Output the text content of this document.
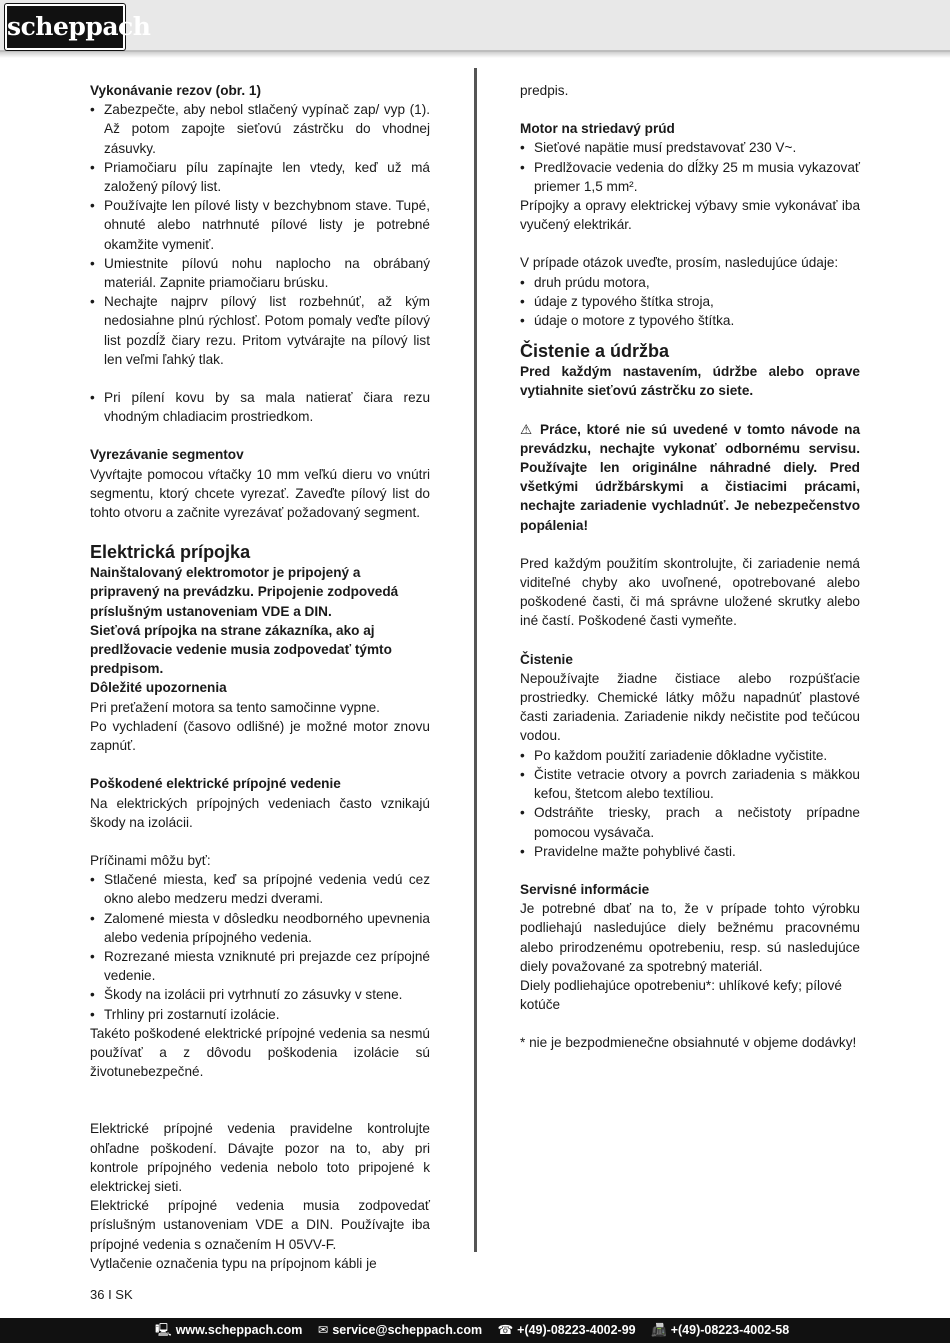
scheppach

Vykonávanie rezov (obr. 1)

• Zabezpečte, aby nebol stlačený vypínač zap/ vyp (1). Až potom zapojte sieťovú zástrčku do vhodnej zásuvky.
• Priamočiaru pílu zapínajte len vtedy, keď už má založený pílový list.
• Používajte len pílové listy v bezchybnom stave. Tupé, ohnuté alebo natrhnuté pílové listy je potrebné okamžite vymeniť.
• Umiestnite pílovú nohu naplocho na obrábaný materiál. Zapnite priamočiaru brúsku.
• Nechajte najprv pílový list rozbehnúť, až kým nedosiahne plnú rýchlosť. Potom pomaly veďte pílový list pozdĺž čiary rezu. Pritom vytvárajte na pílový list len veľmi ľahký tlak.
• Pri pílení kovu by sa mala natierať čiara rezu vhodným chladiacim prostriedkom.

Vyrezávanie segmentov

Vyvŕtajte pomocou vŕtačky 10 mm veľkú dieru vo vnútri segmentu, ktorý chcete vyrezať. Zaveďte pílový list do tohto otvoru a začnite vyrezávať požadovaný segment.

Elektrická prípojka

Nainštalovaný elektromotor je pripojený a pripravený na prevádzku. Pripojenie zodpovedá príslušným ustanoveniam VDE a DIN.

Sieťová prípojka na strane zákazníka, ako aj predlžovacie vedenie musia zodpovedať týmto predpisom.

Dôležité upozornenia

Pri preťažení motora sa tento samočinne vypne.

Po vychladení (časovo odlišné) je možné motor znovu zapnúť.

Poškodené elektrické prípojné vedenie

Na elektrických prípojných vedeniach často vznikajú škody na izolácii.

Príčinami môžu byť:

• Stlačené miesta, keď sa prípojné vedenia vedú cez okno alebo medzeru medzi dverami.
• Zalomené miesta v dôsledku neodborného upevnenia alebo vedenia prípojného vedenia.
• Rozrezané miesta vzniknuté pri prejazde cez prípojné vedenie.
• Škody na izolácii pri vytrhnutí zo zásuvky v stene.
• Trhliny pri zostarnutí izolácie.

Takéto poškodené elektrické prípojné vedenia sa nesmú používať a z dôvodu poškodenia izolácie sú životunebezpečné.

Elektrické prípojné vedenia pravidelne kontrolujte ohľadne poškodení. Dávajte pozor na to, aby pri kontrole prípojného vedenia nebolo toto pripojené k elektrickej sieti.

Elektrické prípojné vedenia musia zodpovedať príslušným ustanoveniam VDE a DIN. Používajte iba prípojné vedenia s označením H 05VV-F.

Vytlačenie označenia typu na prípojnom kábli je

predpis.

Motor na striedavý prúd

• Sieťové napätie musí predstavovať 230 V~.
• Predlžovacie vedenia do dĺžky 25 m musia vykazovať priemer 1,5 mm².

Prípojky a opravy elektrickej výbavy smie vykonávať iba vyučený elektrikár.

V prípade otázok uveďte, prosím, nasledujúce údaje:

• druh prúdu motora,
• údaje z typového štítka stroja,
• údaje o motore z typového štítka.

Čistenie a údržba

Pred každým nastavením, údržbe alebo oprave vytiahnite sieťovú zástrčku zo siete.

⚠ Práce, ktoré nie sú uvedené v tomto návode na prevádzku, nechajte vykonať odbornému servisu. Používajte len originálne náhradné diely. Pred všetkými údržbárskymi a čistiacimi prácami, nechajte zariadenie vychladnúť. Je nebezpečenstvo popálenia!

Pred každým použitím skontrolujte, či zariadenie nemá viditeľné chyby ako uvoľnené, opotrebované alebo poškodené časti, či má správne uložené skrutky alebo iné častí. Poškodené časti vymeňte.

Čistenie

Nepoužívajte žiadne čistiace alebo rozpúšťacie prostriedky. Chemické látky môžu napadnúť plastové časti zariadenia. Zariadenie nikdy nečistite pod tečúcou vodou.

• Po každom použití zariadenie dôkladne vyčistite.
• Čistite vetracie otvory a povrch zariadenia s mäkkou kefou, štetcom alebo textíliou.
• Odstráňte triesky, prach a nečistoty prípadne pomocou vysávača.
• Pravidelne mažte pohyblivé časti.

Servisné informácie

Je potrebné dbať na to, že v prípade tohto výrobku podliehajú nasledujúce diely bežnému pracovnému alebo prirodzenému opotrebeniu, resp. sú nasledujúce diely považované za spotrebný materiál.

Diely podliehajúce opotrebeniu*: uhlíkové kefy; pílové kotúče

* nie je bezpodmienečne obsiahnuté v objeme dodávky!

36 I SK
🖳 www.scheppach.com ✉ service@scheppach.com ☎ +(49)-08223-4002-99 📠 +(49)-08223-4002-58
